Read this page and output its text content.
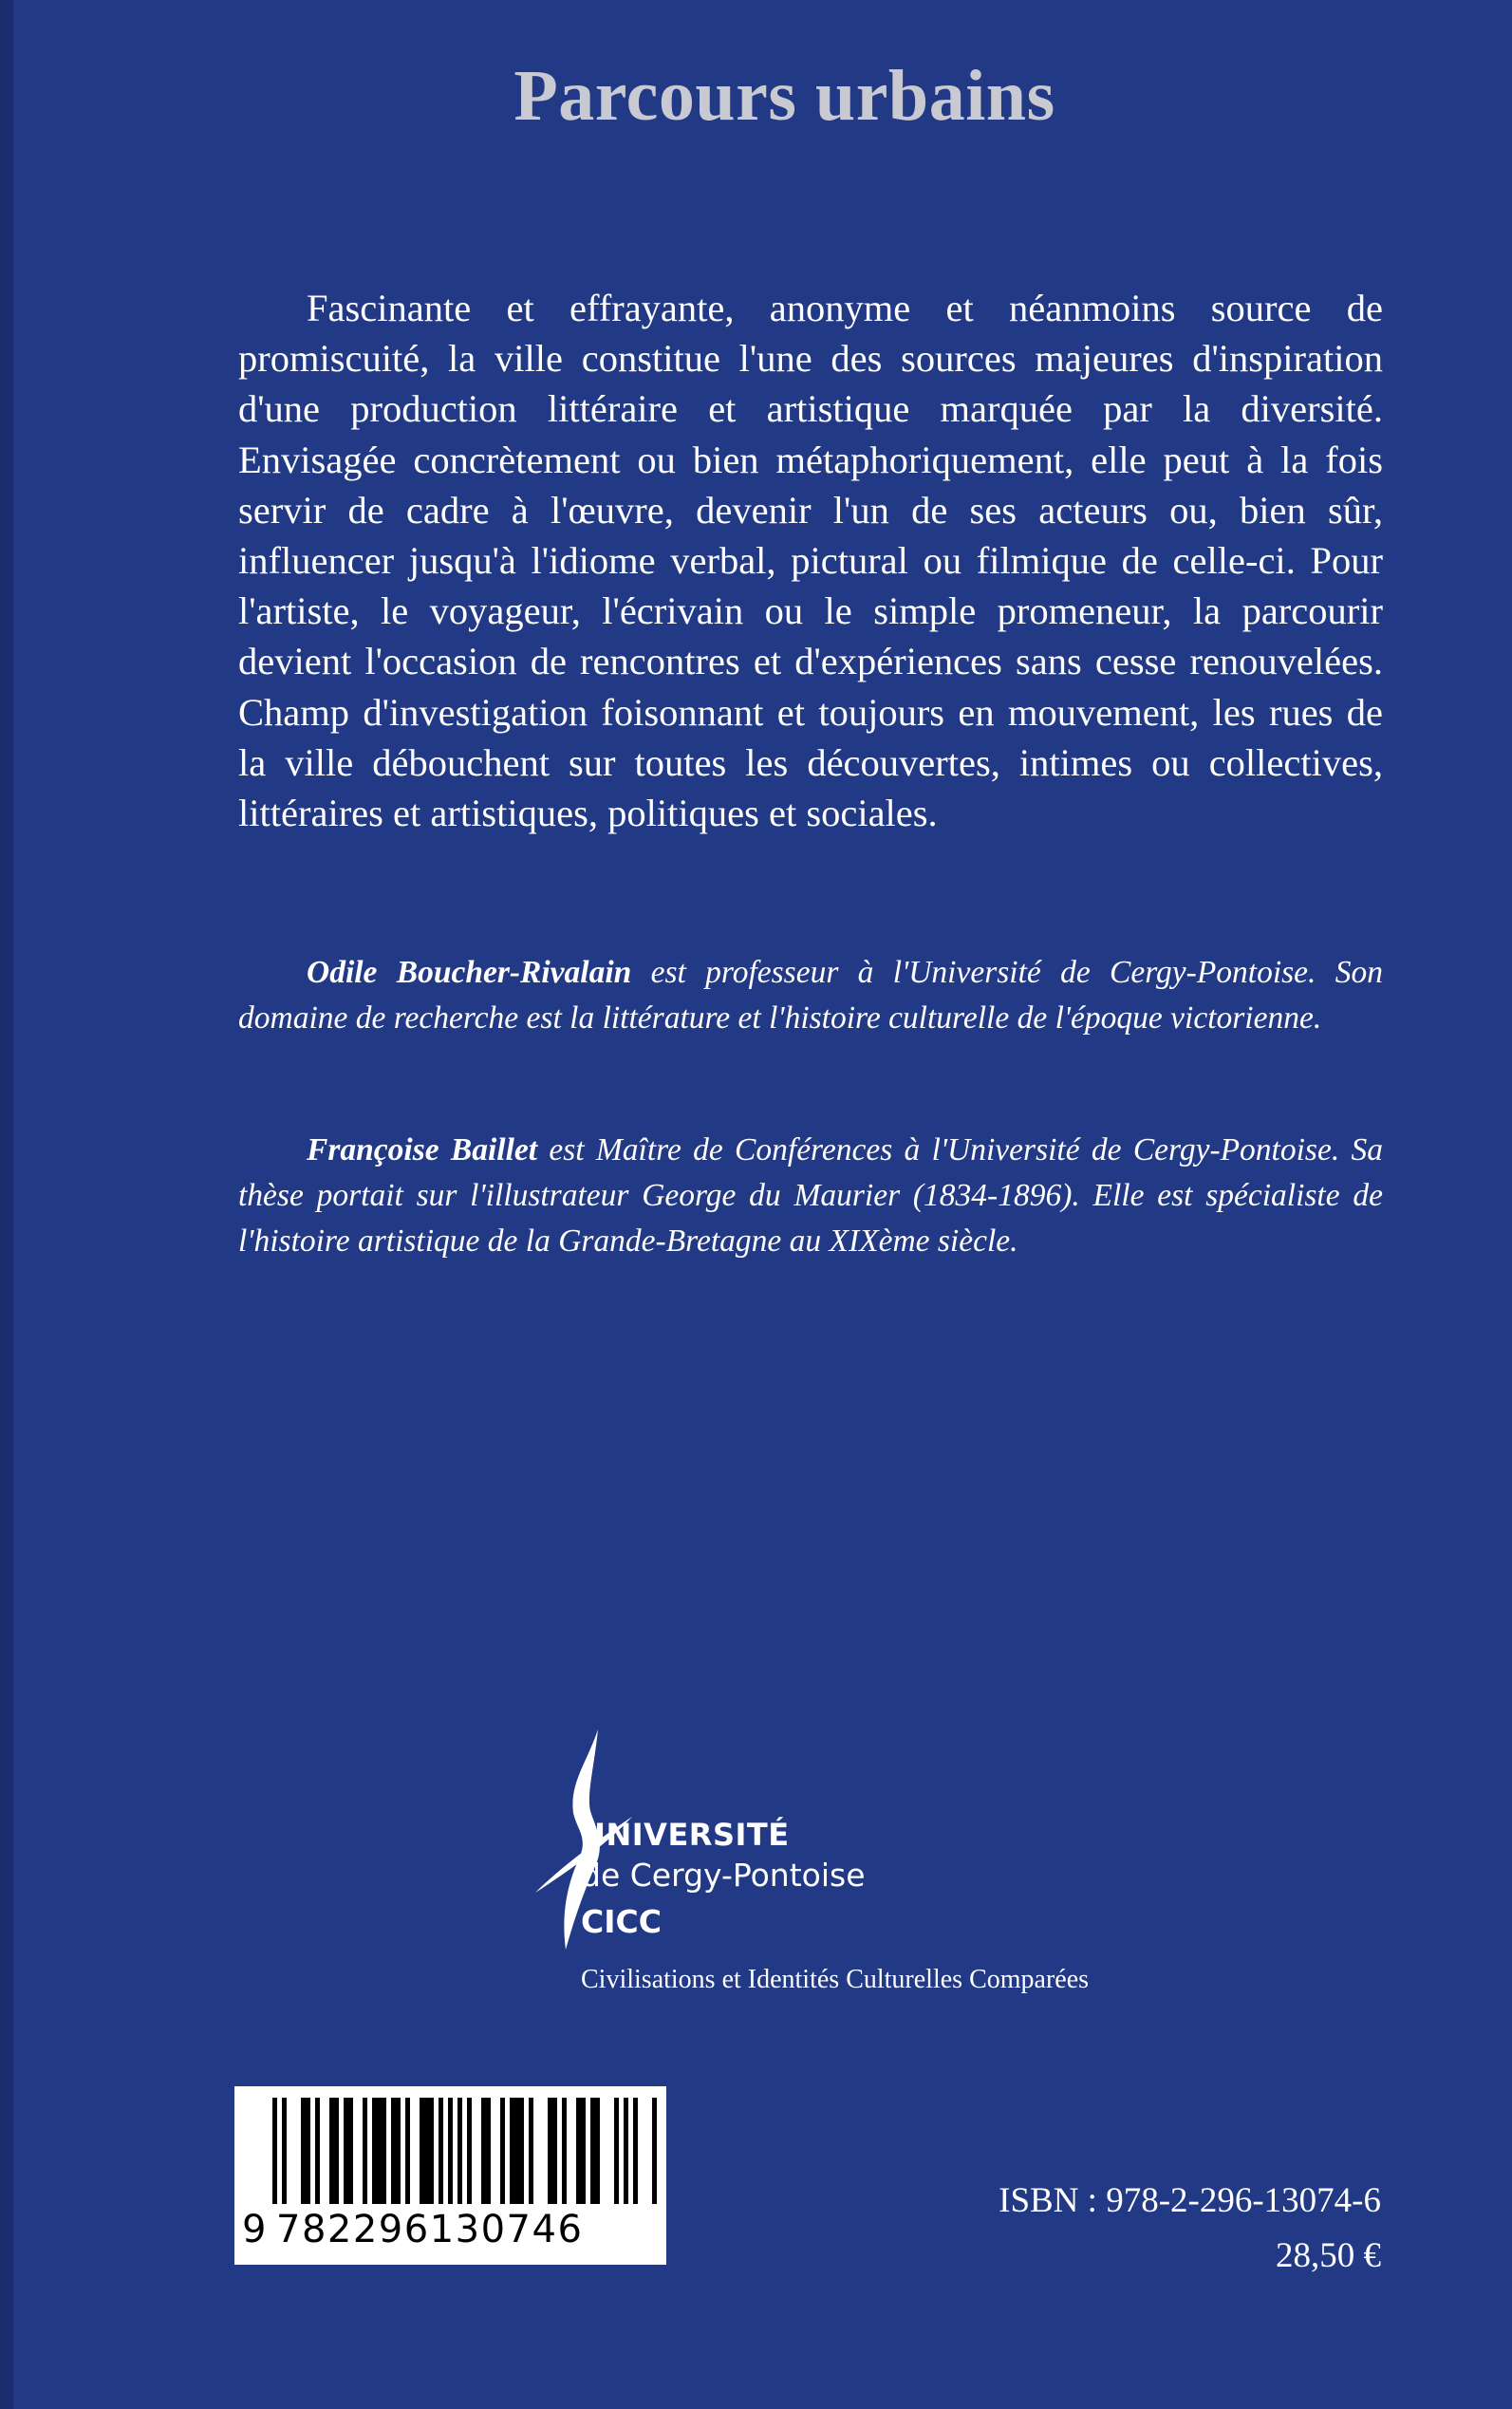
Parcours urbains

Fascinante et effrayante, anonyme et néanmoins source de promiscuité, la ville constitue l'une des sources majeures d'inspiration d'une production littéraire et artistique marquée par la diversité. Envisagée concrètement ou bien métaphoriquement, elle peut à la fois servir de cadre à l'œuvre, devenir l'un de ses acteurs ou, bien sûr, influencer jusqu'à l'idiome verbal, pictural ou filmique de celle-ci. Pour l'artiste, le voyageur, l'écrivain ou le simple promeneur, la parcourir devient l'occasion de rencontres et d'expériences sans cesse renouvelées. Champ d'investigation foisonnant et toujours en mouvement, les rues de la ville débouchent sur toutes les découvertes, intimes ou collectives, littéraires et artistiques, politiques et sociales.

Odile Boucher-Rivalain est professeur à l'Université de Cergy-Pontoise. Son domaine de recherche est la littérature et l'histoire culturelle de l'époque victorienne.

Françoise Baillet est Maître de Conférences à l'Université de Cergy-Pontoise. Sa thèse portait sur l'illustrateur George du Maurier (1834-1896). Elle est spécialiste de l'histoire artistique de la Grande-Bretagne au XIXème siècle.

UNIVERSITÉ
de Cergy-Pontoise
CICC
Civilisations et Identités Culturelles Comparées
9 782296130746
ISBN : 978-2-296-13074-6
28,50 €
